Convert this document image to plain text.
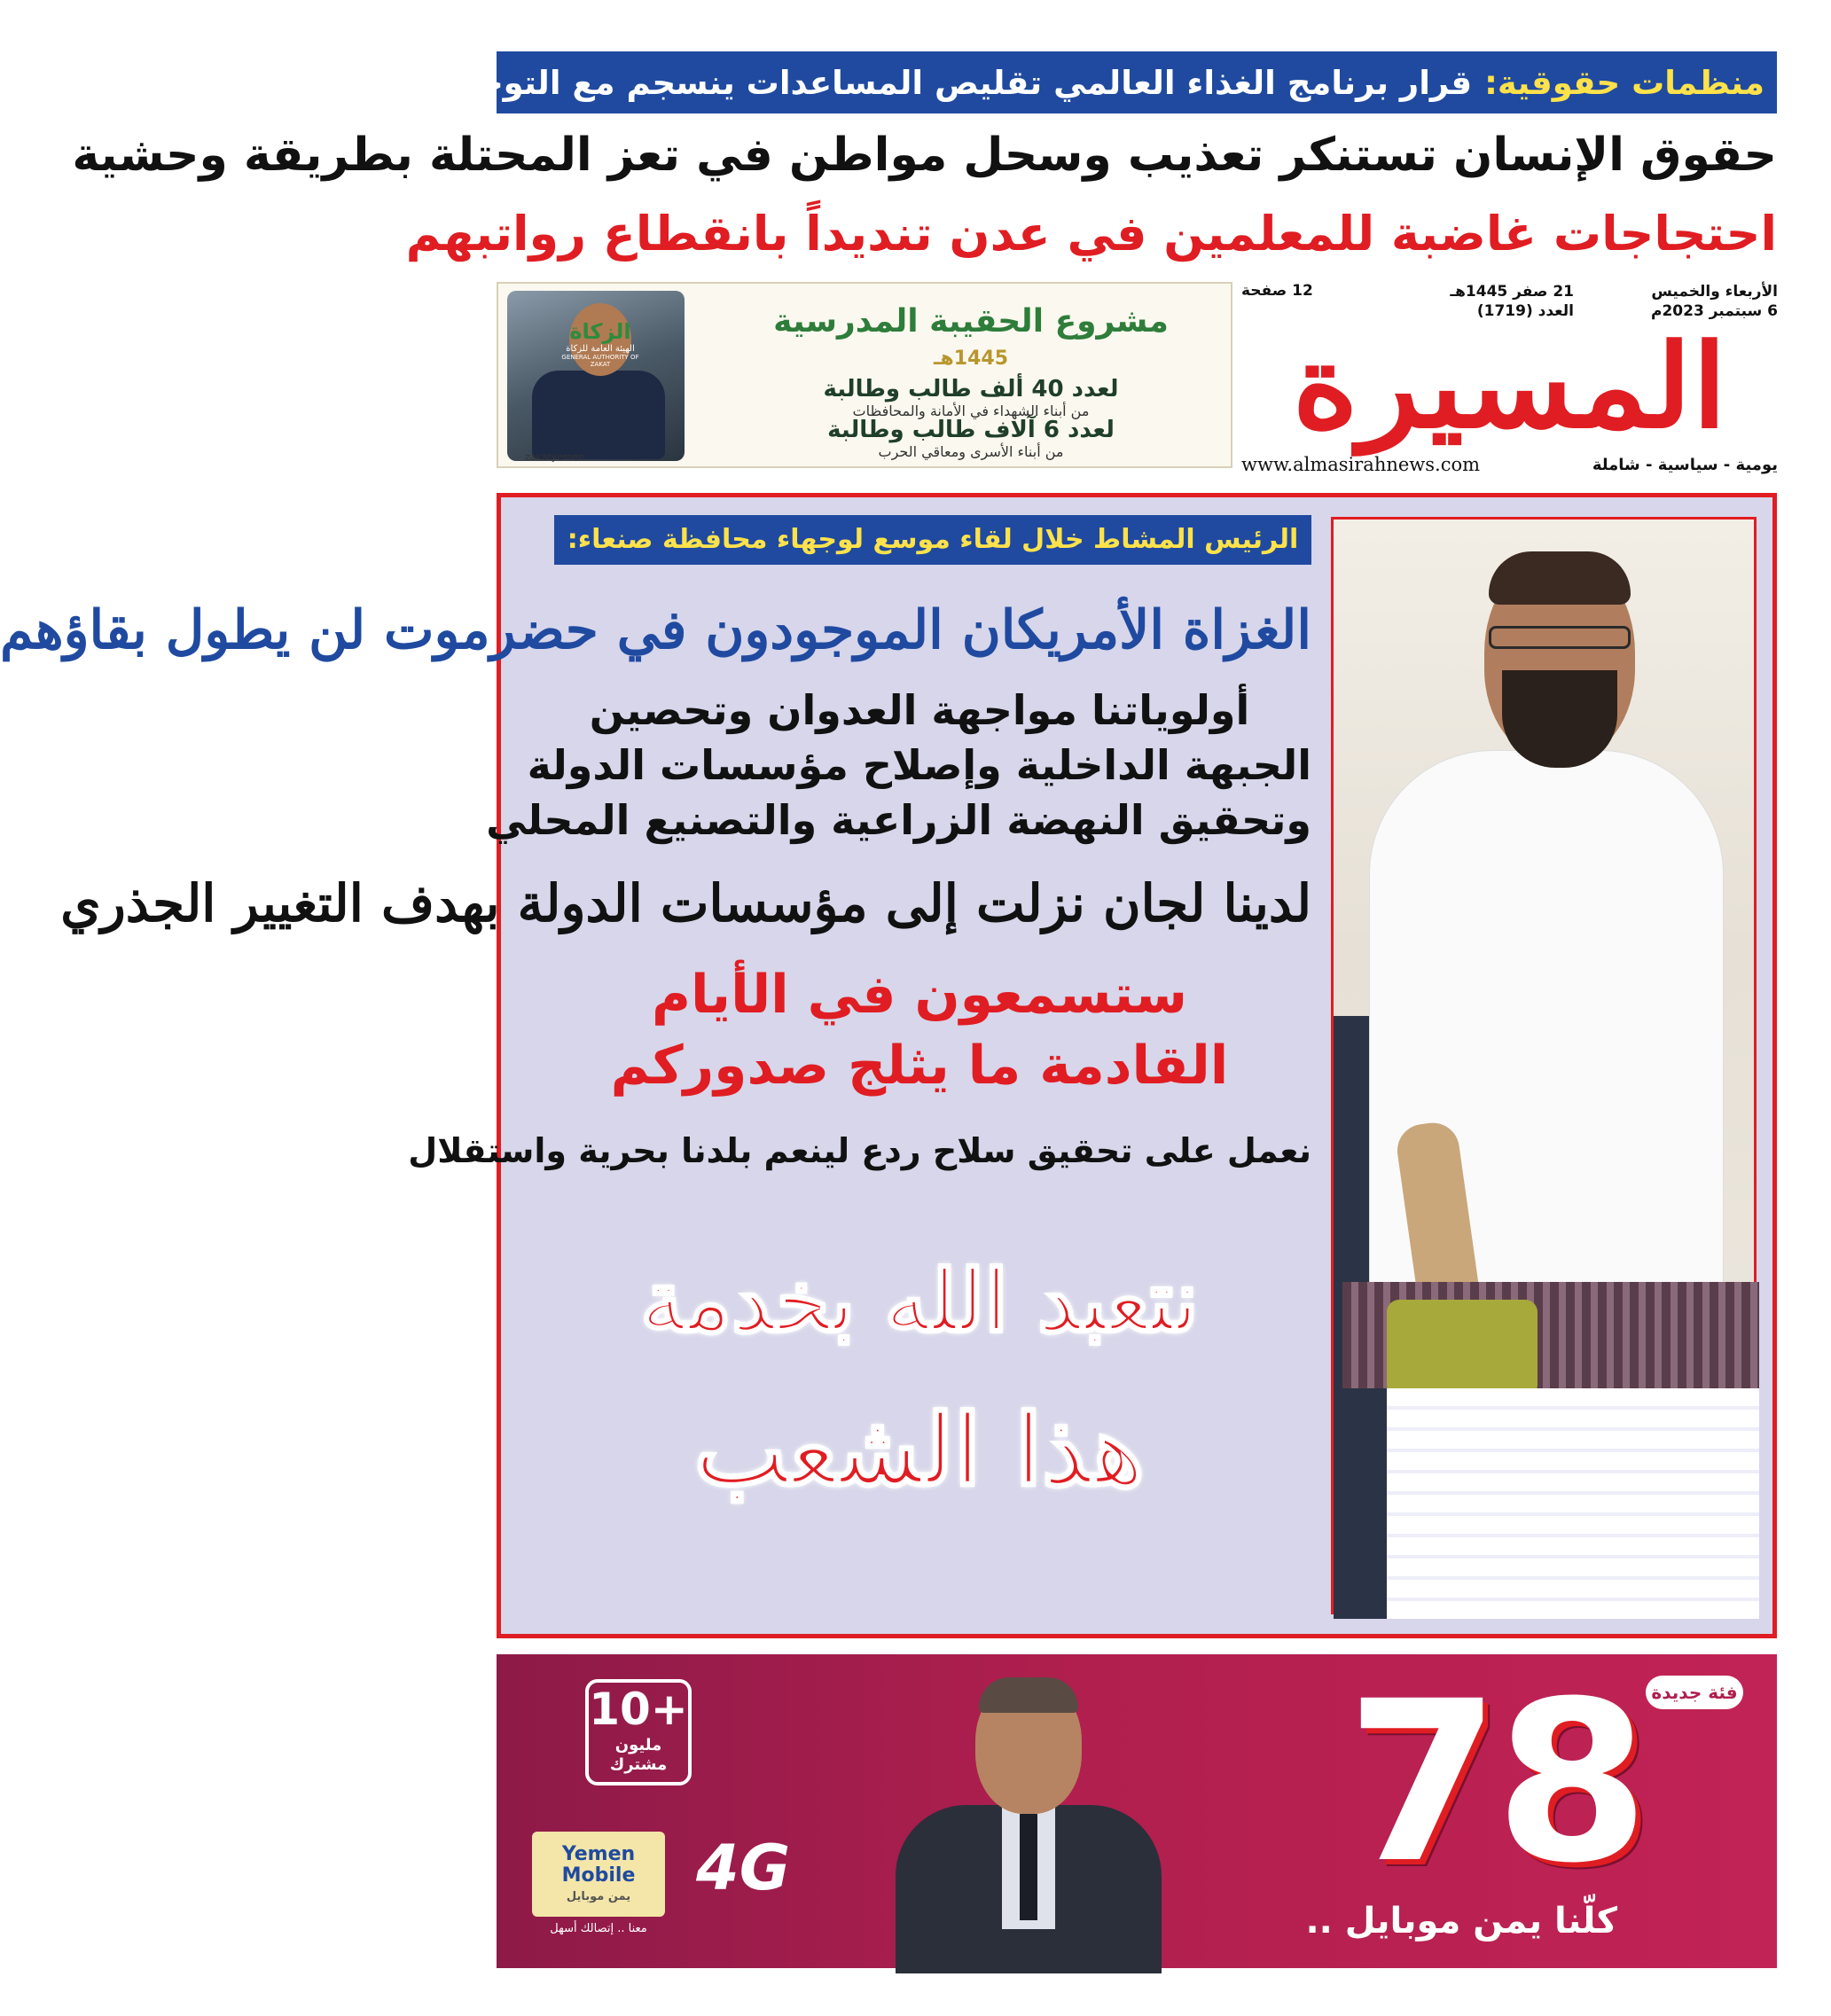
منظمات حقوقية:
قرار برنامج الغذاء العالمي تقليص المساعدات ينسجم مع التوجهات الأمريكية
حقوق الإنسان تستنكر تعذيب وسحل مواطن في تعز المحتلة بطريقة وحشية
احتجاجات غاضبة للمعلمين في عدن تنديداً بانقطاع رواتبهم
الأربعاء والخميس
6 سبتمبر 2023م
21 صفر 1445هـ
العدد (1719)
12 صفحة
المسيرة
يومية - سياسية - شاملة
www.almasirahnews.com
مشروع الحقيبة المدرسية
1445هـ
لعدد 40 ألف طالب وطالبة
من أبناء الشهداء في الأمانة والمحافظات
لعدد 6 آلاف طالب وطالبة
من أبناء الأسرى ومعاقي الحرب
الزكاة
الهيئة العامة للزكاة
GENERAL AUTHORITY OF ZAKAT
zakatyemen
الرئيس المشاط خلال لقاء موسع لوجهاء محافظة صنعاء:
الغزاة الأمريكان الموجودون في حضرموت لن يطول بقاؤهم
أولوياتنا مواجهة العدوان وتحصين
الجبهة الداخلية وإصلاح مؤسسات الدولة
وتحقيق النهضة الزراعية والتصنيع المحلي
لدينا لجان نزلت إلى مؤسسات الدولة بهدف التغيير الجذري
ستسمعون في الأيام
القادمة ما يثلج صدوركم
نعمل على تحقيق سلاح ردع لينعم بلدنا بحرية واستقلال
نتعبد الله بخدمة
هذا الشعب
فئة جديدة
78
كلّنا يمن موبايل ..
10+
مليون
مشترك
4G
Yemen Mobile
يمن موبايل
معنا .. إتصالك أسهل
